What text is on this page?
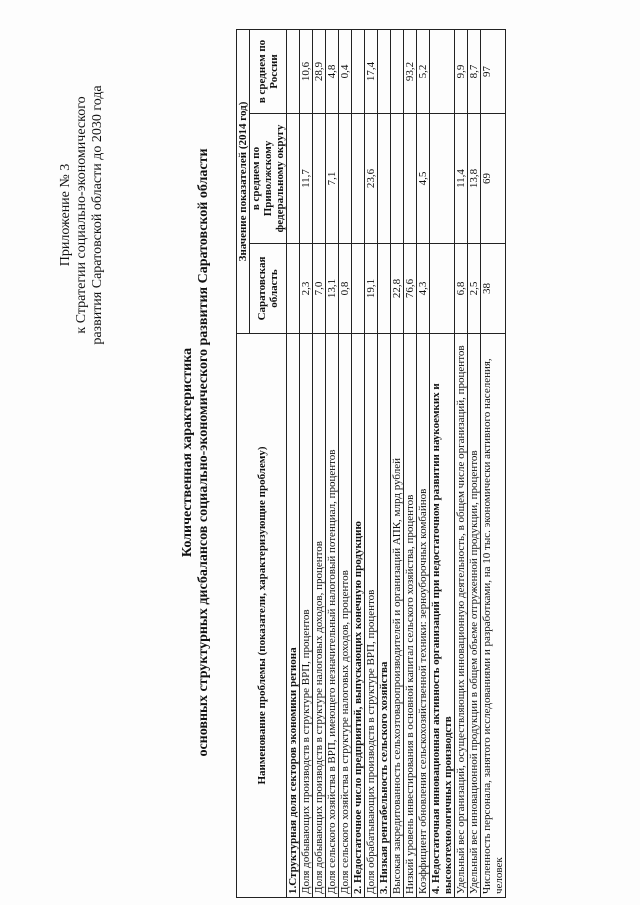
Приложение № 3 к Стратегии социально-экономического развития Саратовской области до 2030 года
Количественная характеристика основных структурных дисбалансов социально-экономического развития Саратовской области	Наименование проблемы (показатели, характеризующие проблему)	Значение показателей (2014 год)		
	Саратовская область	в среднем по Приволжскому федеральному округу	в среднем по России
1.Структурная доля секторов экономики региона			
Доля добывающих производств в структуре ВРП, процентов	2,3	11,7	10,6
Доля добывающих производств в структуре налоговых доходов, процентов	7,0		28,9
Доля сельского хозяйства в ВРП, имеющего незначительный налоговый потенциал, процентов	13,1	7,1	4,8
Доля сельского хозяйства в структуре налоговых доходов, процентов	0,8		0,4
2. Недостаточное число предприятий, выпускающих конечную продукцию			
Доля обрабатывающих производств в структуре ВРП, процентов	19,1	23,6	17,4
3. Низкая рентабельность сельского хозяйства			
Высокая закредитованность сельхозтоваропроизводителей и организаций АПК, млрд рублей	22,8		
Низкий уровень инвестирования в основной капитал сельского хозяйства, процентов	76,6		93,2
Коэффициент обновления сельскохозяйственной техники: зерноуборочных комбайнов	4,3	4,5	5,2
4. Недостаточная инновационная активность организаций при недостаточном развитии наукоемких и высокотехнологичных производств			
Удельный вес организаций, осуществляющих инновационную деятельность, в общем числе организаций, процентов	6,8	11,4	9,9
Удельный вес инновационной продукции в общем объеме отгруженной продукции, процентов	2,5	13,8	8,7
Численность персонала, занятого исследованиями и разработками, на 10 тыс. экономически активного населения, человек	38	69	97
